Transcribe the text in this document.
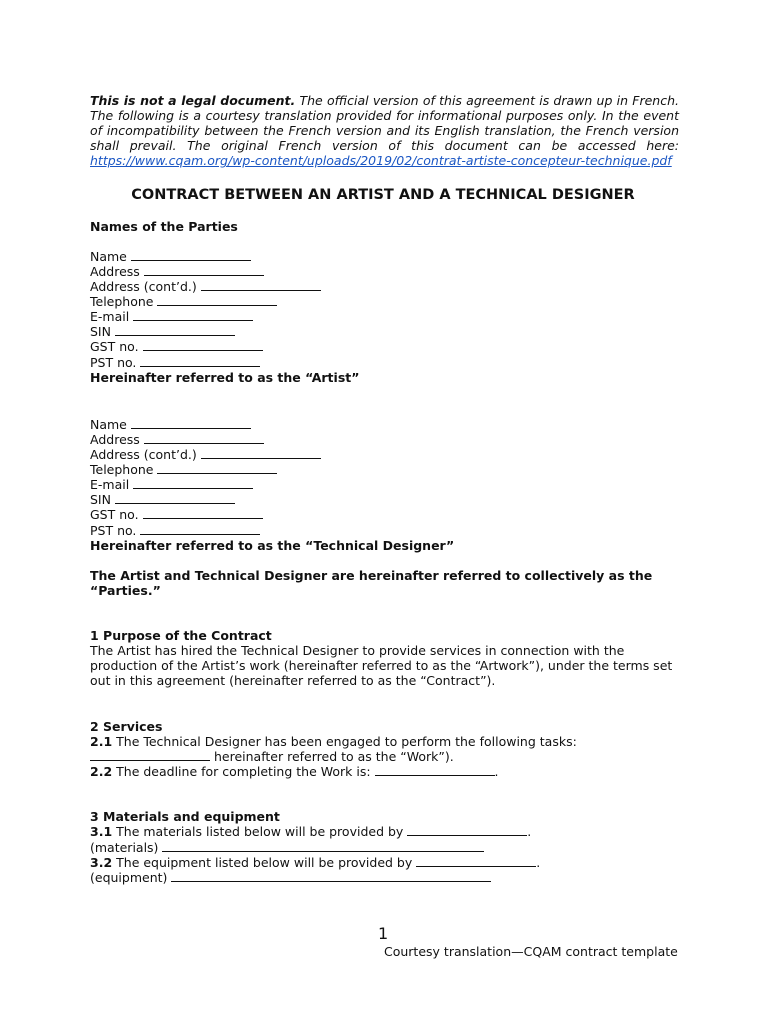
This is not a legal document. The official version of this agreement is drawn up in French. The following is a courtesy translation provided for informational purposes only. In the event of incompatibility between the French version and its English translation, the French version shall prevail. The original French version of this document can be accessed here: https://www.cqam.org/wp-content/uploads/2019/02/contrat-artiste-concepteur-technique.pdf
CONTRACT BETWEEN AN ARTIST AND A TECHNICAL DESIGNER
Names of the Parties
Name
Address
Address (cont’d.)
Telephone
E-mail
SIN
GST no.
PST no.
Hereinafter referred to as the “Artist”
Name
Address
Address (cont’d.)
Telephone
E-mail
SIN
GST no.
PST no.
Hereinafter referred to as the “Technical Designer”
The Artist and Technical Designer are hereinafter referred to collectively as the “Parties.”
1 Purpose of the Contract
The Artist has hired the Technical Designer to provide services in connection with the production of the Artist’s work (hereinafter referred to as the “Artwork”), under the terms set out in this agreement (hereinafter referred to as the “Contract”).
2 Services
2.1 The Technical Designer has been engaged to perform the following tasks:
hereinafter referred to as the “Work”).
2.2 The deadline for completing the Work is:	.
3 Materials and equipment
3.1 The materials listed below will be provided by	.
(materials)
3.2 The equipment listed below will be provided by	.
(equipment)
1
Courtesy translation—CQAM contract template
